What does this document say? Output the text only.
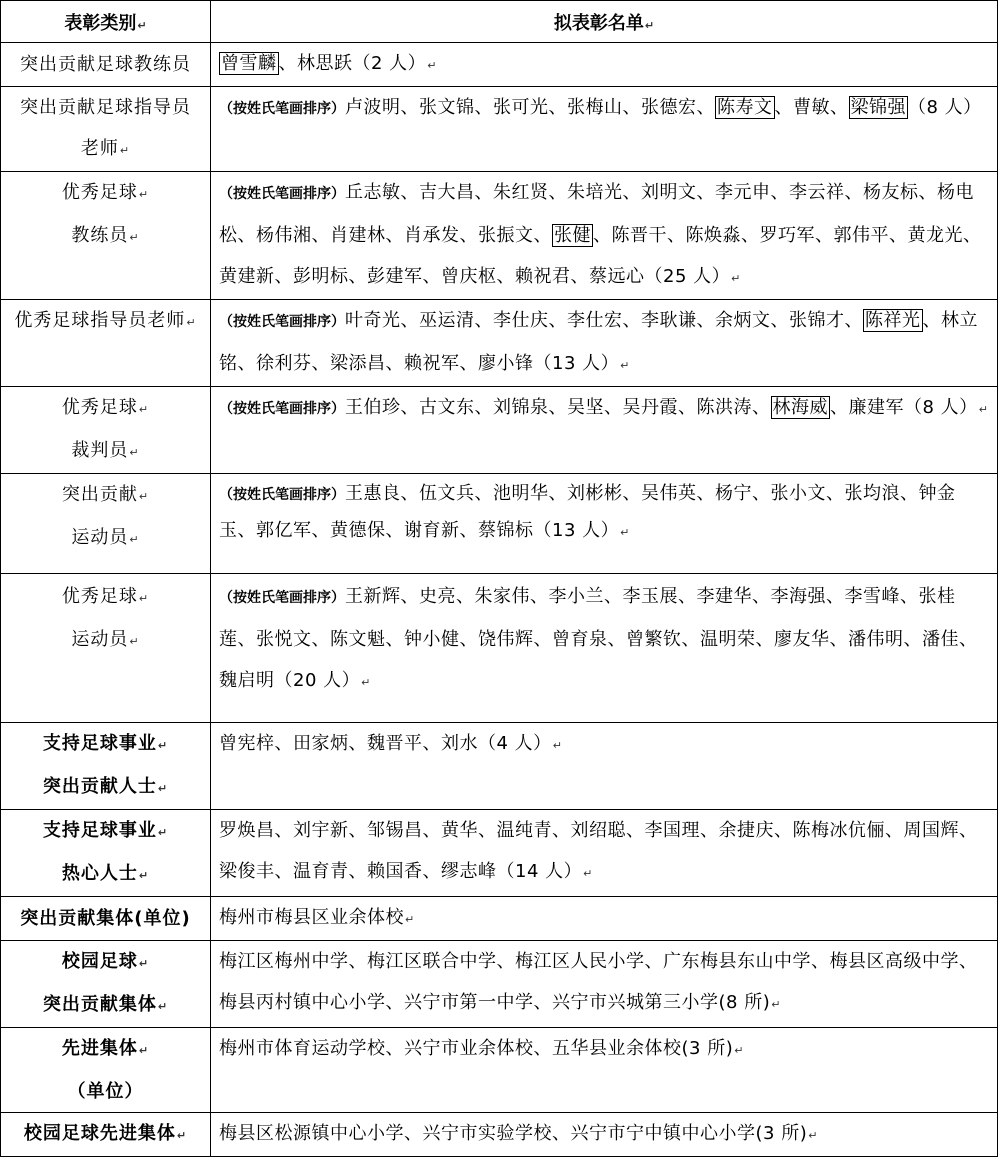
表彰类别↵	拟表彰名单↵
突出贡献足球教练员	曾雪麟 、林思跃（2 人）↵

突出贡献足球指导员
老师↵	（按姓氏笔画排序）卢波明、张文锦、张可光、张梅山、张德宏、 陈寿文 、曹敏、 梁锦强 （8 人）

优秀足球↵
教练员↵	（按姓氏笔画排序）丘志敏、吉大昌、朱红贤、朱培光、刘明文、李元申、李云祥、杨友标、杨电松、杨伟湘、肖建林、肖承发、张振文、 张健 、陈晋干、陈焕淼、罗巧军、郭伟平、黄龙光、黄建新、彭明标、彭建军、曾庆枢、赖祝君、蔡远心（25 人）↵
优秀足球指导员老师↵	（按姓氏笔画排序）叶奇光、巫运清、李仕庆、李仕宏、李耿谦、余炳文、张锦才、 陈祥光 、林立铭、徐利芬、梁添昌、赖祝军、廖小锋（13 人）↵

优秀足球↵
裁判员↵	（按姓氏笔画排序）王伯珍、古文东、刘锦泉、吴坚、吴丹霞、陈洪涛、 林海威 、廉建军（8 人）↵

突出贡献↵
运动员↵	（按姓氏笔画排序）王惠良、伍文兵、池明华、刘彬彬、吴伟英、杨宁、张小文、张均浪、钟金玉、郭亿军、黄德保、谢育新、蔡锦标（13 人）↵

优秀足球↵
运动员↵	（按姓氏笔画排序）王新辉、史亮、朱家伟、李小兰、李玉展、李建华、李海强、李雪峰、张桂莲、张悦文、陈文魁、钟小健、饶伟辉、曾育泉、曾繁钦、温明荣、廖友华、潘伟明、潘佳、魏启明（20 人）↵

支持足球事业↵
突出贡献人士↵	曾宪梓、田家炳、魏晋平、刘水（4 人）↵

支持足球事业↵
热心人士↵	罗焕昌、刘宇新、邹锡昌、黄华、温纯青、刘绍聪、李国理、余捷庆、陈梅冰伉俪、周国辉、梁俊丰、温育青、赖国香、缪志峰（14 人）↵
突出贡献集体(单位)	梅州市梅县区业余体校↵

校园足球↵
突出贡献集体↵	梅江区梅州中学、梅江区联合中学、梅江区人民小学、广东梅县东山中学、梅县区高级中学、梅县丙村镇中心小学、兴宁市第一中学、兴宁市兴城第三小学(8 所)↵

先进集体↵
（单位）	梅州市体育运动学校、兴宁市业余体校、五华县业余体校(3 所)↵
校园足球先进集体↵	梅县区松源镇中心小学、兴宁市实验学校、兴宁市宁中镇中心小学(3 所)↵
